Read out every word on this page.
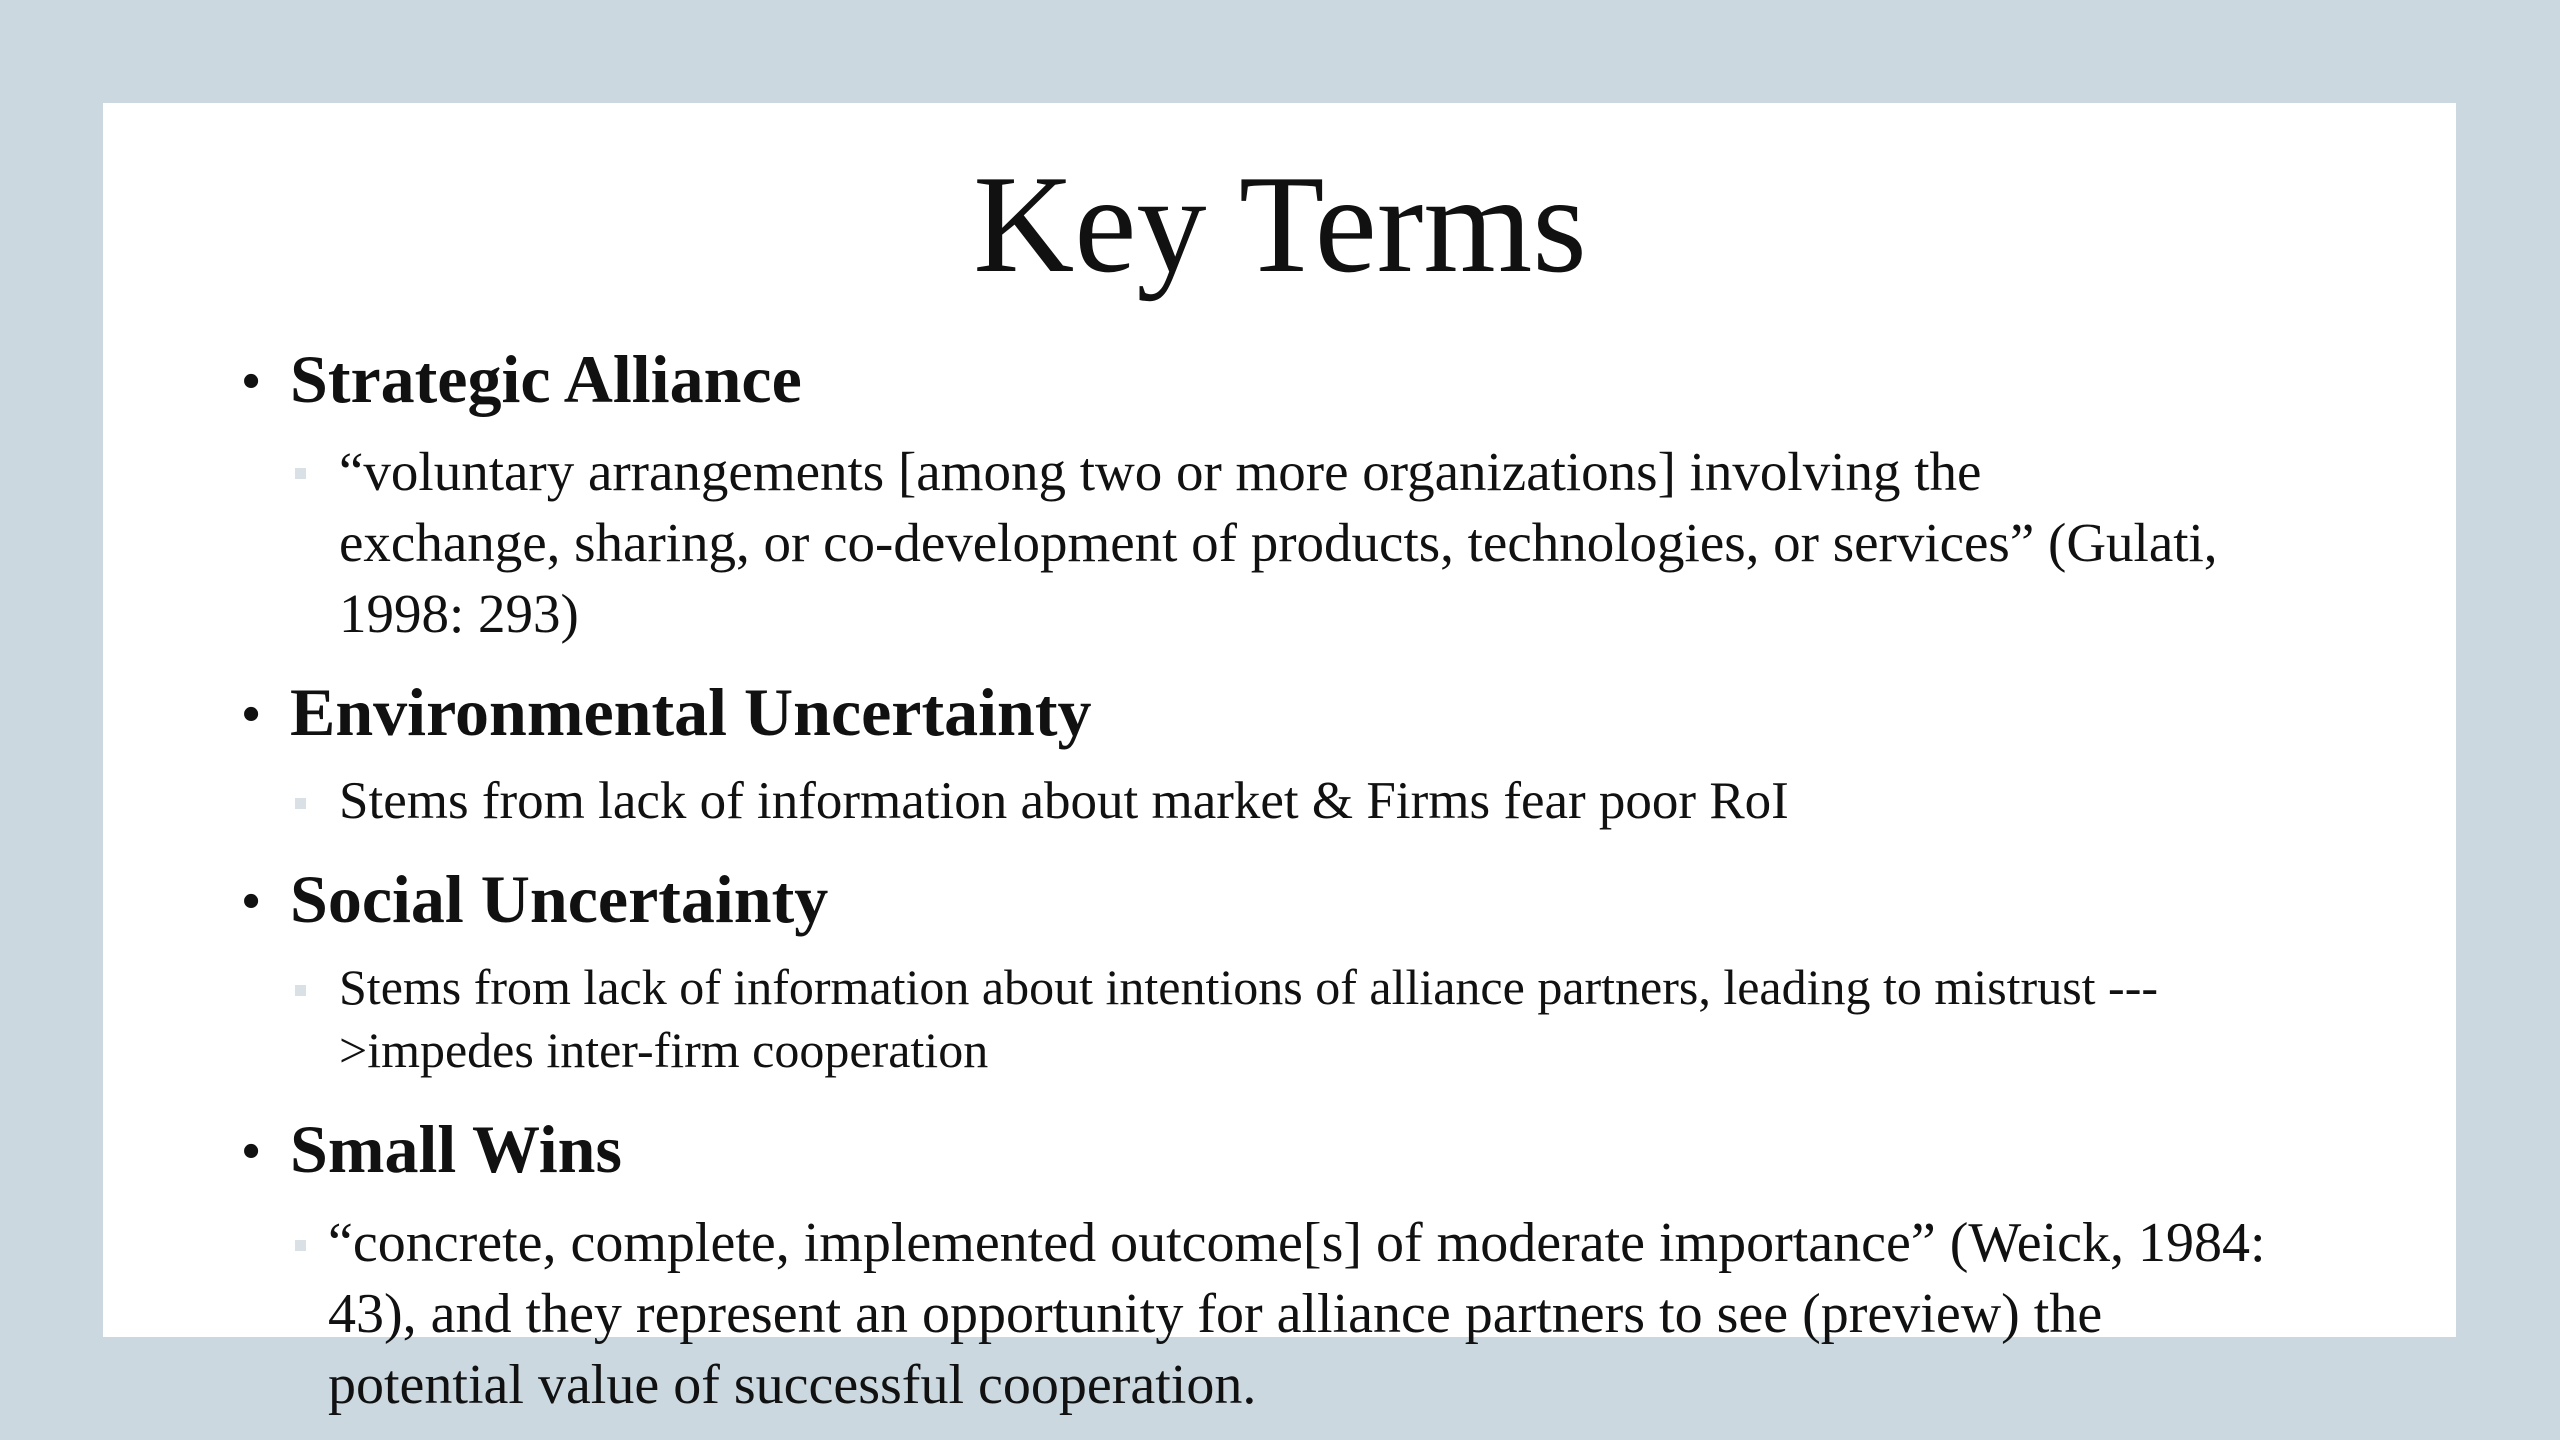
Key Terms
• Strategic Alliance
“voluntary arrangements [among two or more organizations] involving the
exchange, sharing, or co-development of products, technologies, or services” (Gulati,
1998: 293)
• Environmental Uncertainty
Stems from lack of information about market & Firms fear poor RoI
• Social Uncertainty
Stems from lack of information about intentions of alliance partners, leading to mistrust ---
>impedes inter-firm cooperation
• Small Wins
“concrete, complete, implemented outcome[s] of moderate importance” (Weick, 1984:
43), and they represent an opportunity for alliance partners to see (preview) the
potential value of successful cooperation.
